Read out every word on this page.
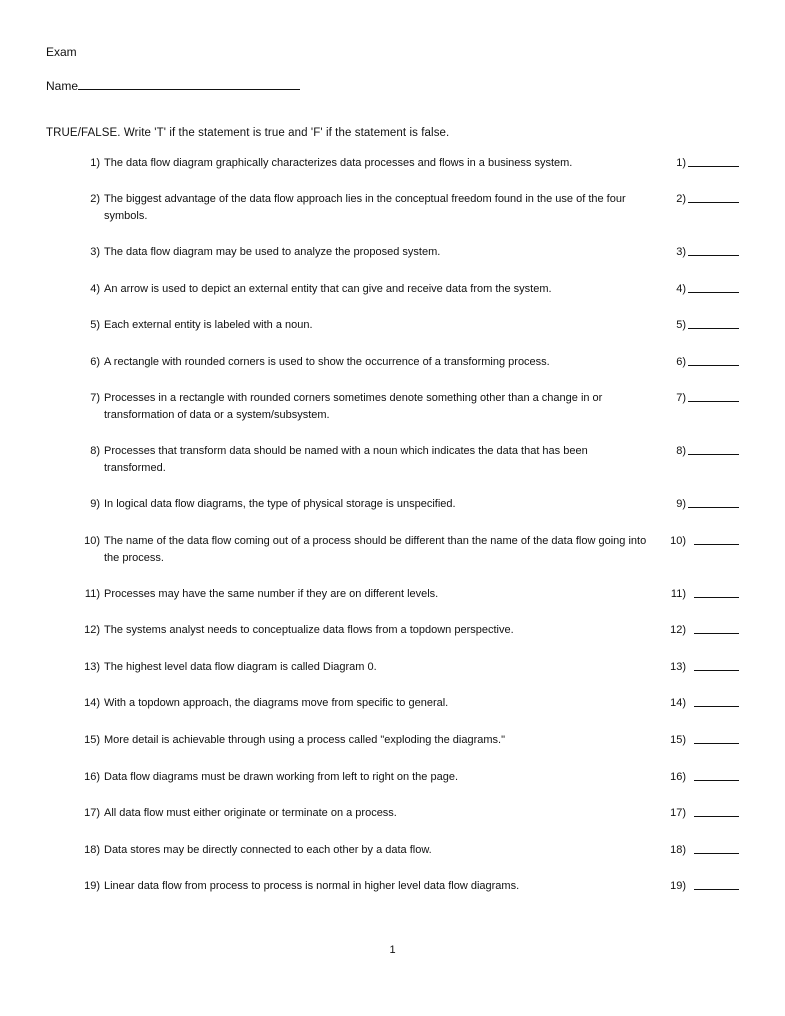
Exam
Name
TRUE/FALSE. Write 'T' if the statement is true and 'F' if the statement is false.
1) The data flow diagram graphically characterizes data processes and flows in a business system.	1)
2) The biggest advantage of the data flow approach lies in the conceptual freedom found in the use of the four symbols.
2)
3) The data flow diagram may be used to analyze the proposed system.	3)
4) An arrow is used to depict an external entity that can give and receive data from the system.	4)
5) Each external entity is labeled with a noun.	5)
6) A rectangle with rounded corners is used to show the occurrence of a transforming process.	6)
7) Processes in a rectangle with rounded corners sometimes denote something other than a change in or transformation of data or a system/subsystem.
7)
8) Processes that transform data should be named with a noun which indicates the data that has been transformed.
8)
9) In logical data flow diagrams, the type of physical storage is unspecified.	9)
10) The name of the data flow coming out of a process should be different than the name of the data flow going into the process.
10)
11) Processes may have the same number if they are on different levels.	11)
12) The systems analyst needs to conceptualize data flows from a topdown perspective.	12)
13) The highest level data flow diagram is called Diagram 0.	13)
14) With a topdown approach, the diagrams move from specific to general.	14)
15) More detail is achievable through using a process called "exploding the diagrams."	15)
16) Data flow diagrams must be drawn working from left to right on the page.	16)
17) All data flow must either originate or terminate on a process.	17)
18) Data stores may be directly connected to each other by a data flow.	18)
19) Linear data flow from process to process is normal in higher level data flow diagrams.	19)
1
